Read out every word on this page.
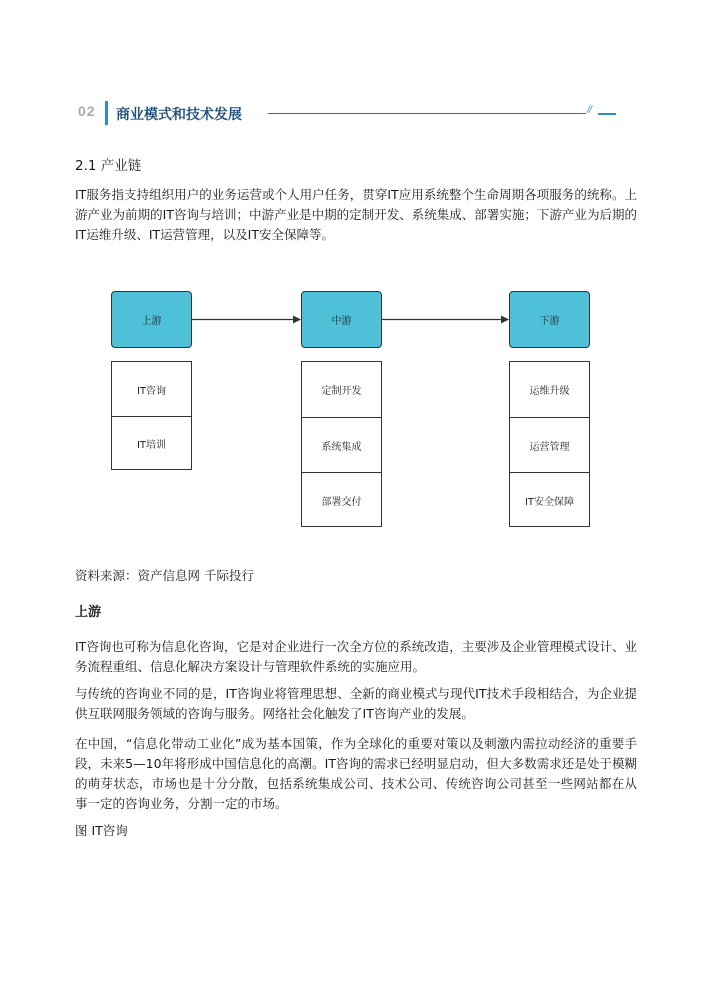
02 商业模式和技术发展	//
2.1 产业链

IT服务指支持组织用户的业务运营或个人用户任务，贯穿IT应用系统整个生命周期各项服务的统称。上游产业为前期的IT咨询与培训；中游产业是中期的定制开发、系统集成、部署实施；下游产业为后期的IT运维升级、IT运营管理，以及IT安全保障等。

上游	中游	下游
IT咨询
IT培训
定制开发
系统集成
部署交付
运维升级
运营管理
IT安全保障
资料来源：资产信息网 千际投行
上游

IT咨询也可称为信息化咨询，它是对企业进行一次全方位的系统改造，主要涉及企业管理模式设计、业务流程重组、信息化解决方案设计与管理软件系统的实施应用。

与传统的咨询业不同的是，IT咨询业将管理思想、全新的商业模式与现代IT技术手段相结合，为企业提供互联网服务领域的咨询与服务。网络社会化触发了IT咨询产业的发展。

在中国，“信息化带动工业化”成为基本国策，作为全球化的重要对策以及刺激内需拉动经济的重要手段，未来5—10年将形成中国信息化的高潮。IT咨询的需求已经明显启动，但大多数需求还是处于模糊的萌芽状态，市场也是十分分散，包括系统集成公司、技术公司、传统咨询公司甚至一些网站都在从事一定的咨询业务，分割一定的市场。

图 IT咨询
